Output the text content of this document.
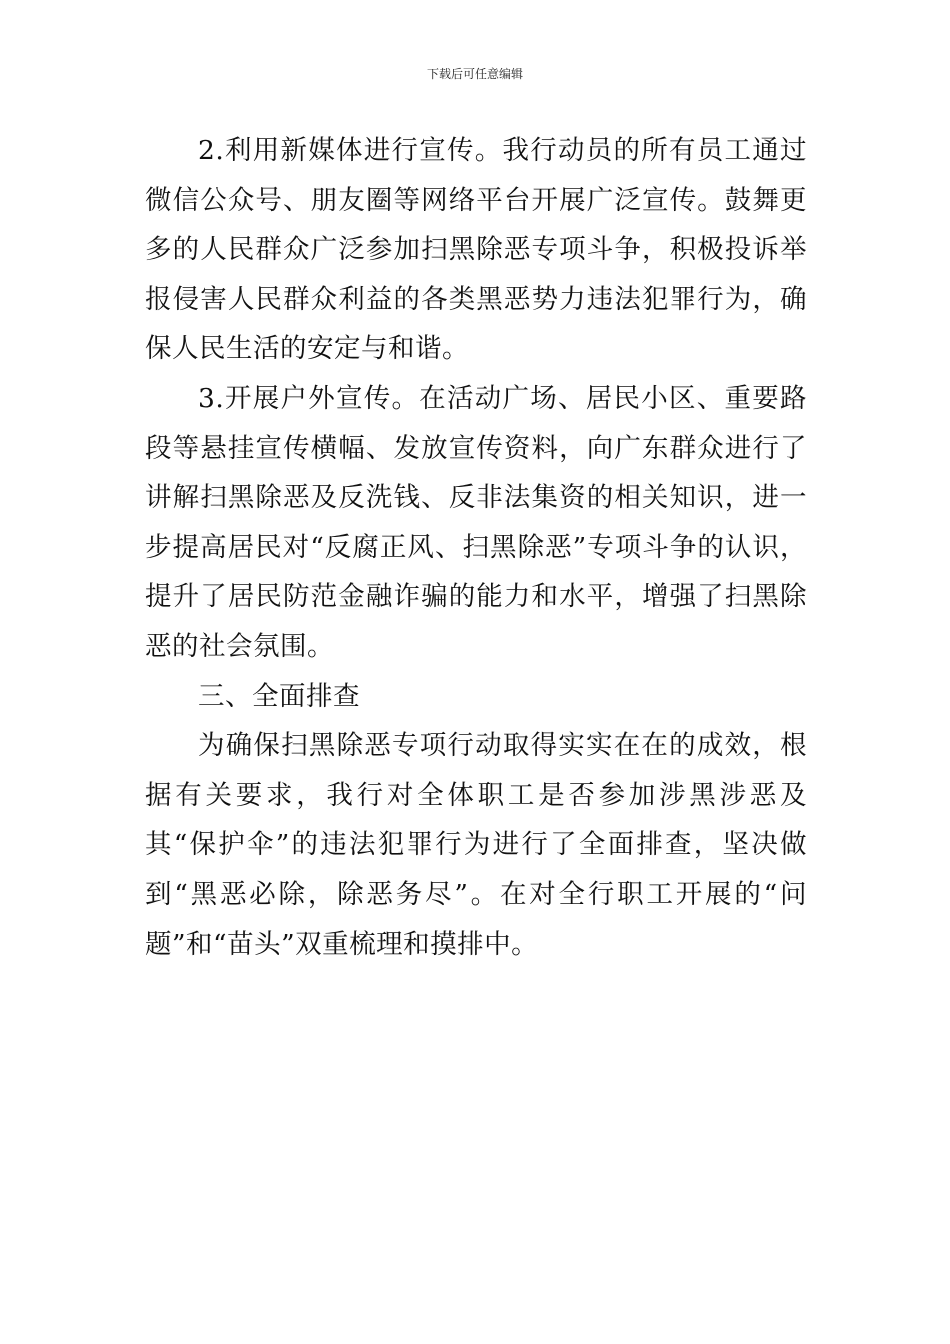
下载后可任意编辑

2.利用新媒体进行宣传。我行动员的所有员工通过微信公众号、朋友圈等网络平台开展广泛宣传。鼓舞更多的人民群众广泛参加扫黑除恶专项斗争，积极投诉举报侵害人民群众利益的各类黑恶势力违法犯罪行为，确保人民生活的安定与和谐。

3.开展户外宣传。在活动广场、居民小区、重要路段等悬挂宣传横幅、发放宣传资料，向广东群众进行了讲解扫黑除恶及反洗钱、反非法集资的相关知识，进一步提高居民对“反腐正风、扫黑除恶”专项斗争的认识，提升了居民防范金融诈骗的能力和水平，增强了扫黑除恶的社会氛围。

三、全面排查

为确保扫黑除恶专项行动取得实实在在的成效，根据有关要求，我行对全体职工是否参加涉黑涉恶及其“保护伞”的违法犯罪行为进行了全面排查，坚决做到“黑恶必除，除恶务尽”。在对全行职工开展的“问题”和“苗头”双重梳理和摸排中。
